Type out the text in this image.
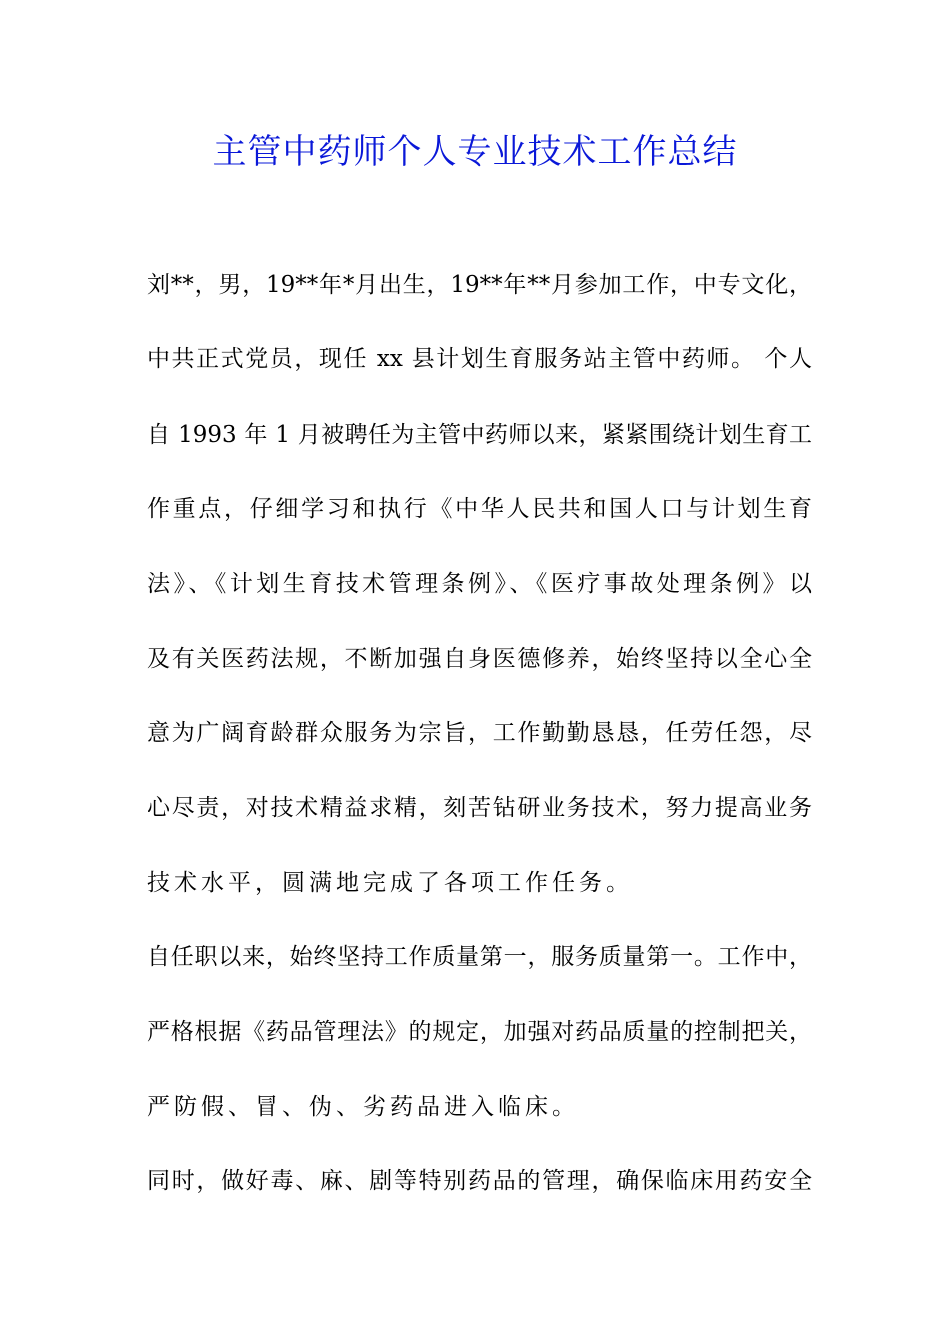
主管中药师个人专业技术工作总结
刘**，男，19**年*月出生，19**年**月参加工作，中专文化，
中共正式党员，现任 xx 县计划生育服务站主管中药师。 个人
自 1993 年 1 月被聘任为主管中药师以来，紧紧围绕计划生育工
作重点，仔细学习和执行《中华人民共和国人口与计划生育
法》、《计划生育技术管理条例》、《医疗事故处理条例》以
及有关医药法规，不断加强自身医德修养，始终坚持以全心全
意为广阔育龄群众服务为宗旨，工作勤勤恳恳，任劳任怨，尽
心尽责，对技术精益求精，刻苦钻研业务技术，努力提高业务
技术水平，圆满地完成了各项工作任务。
自任职以来，始终坚持工作质量第一，服务质量第一。工作中，
严格根据《药品管理法》的规定，加强对药品质量的控制把关，
严防假、冒、伪、劣药品进入临床。
同时，做好毒、麻、剧等特别药品的管理，确保临床用药安全
